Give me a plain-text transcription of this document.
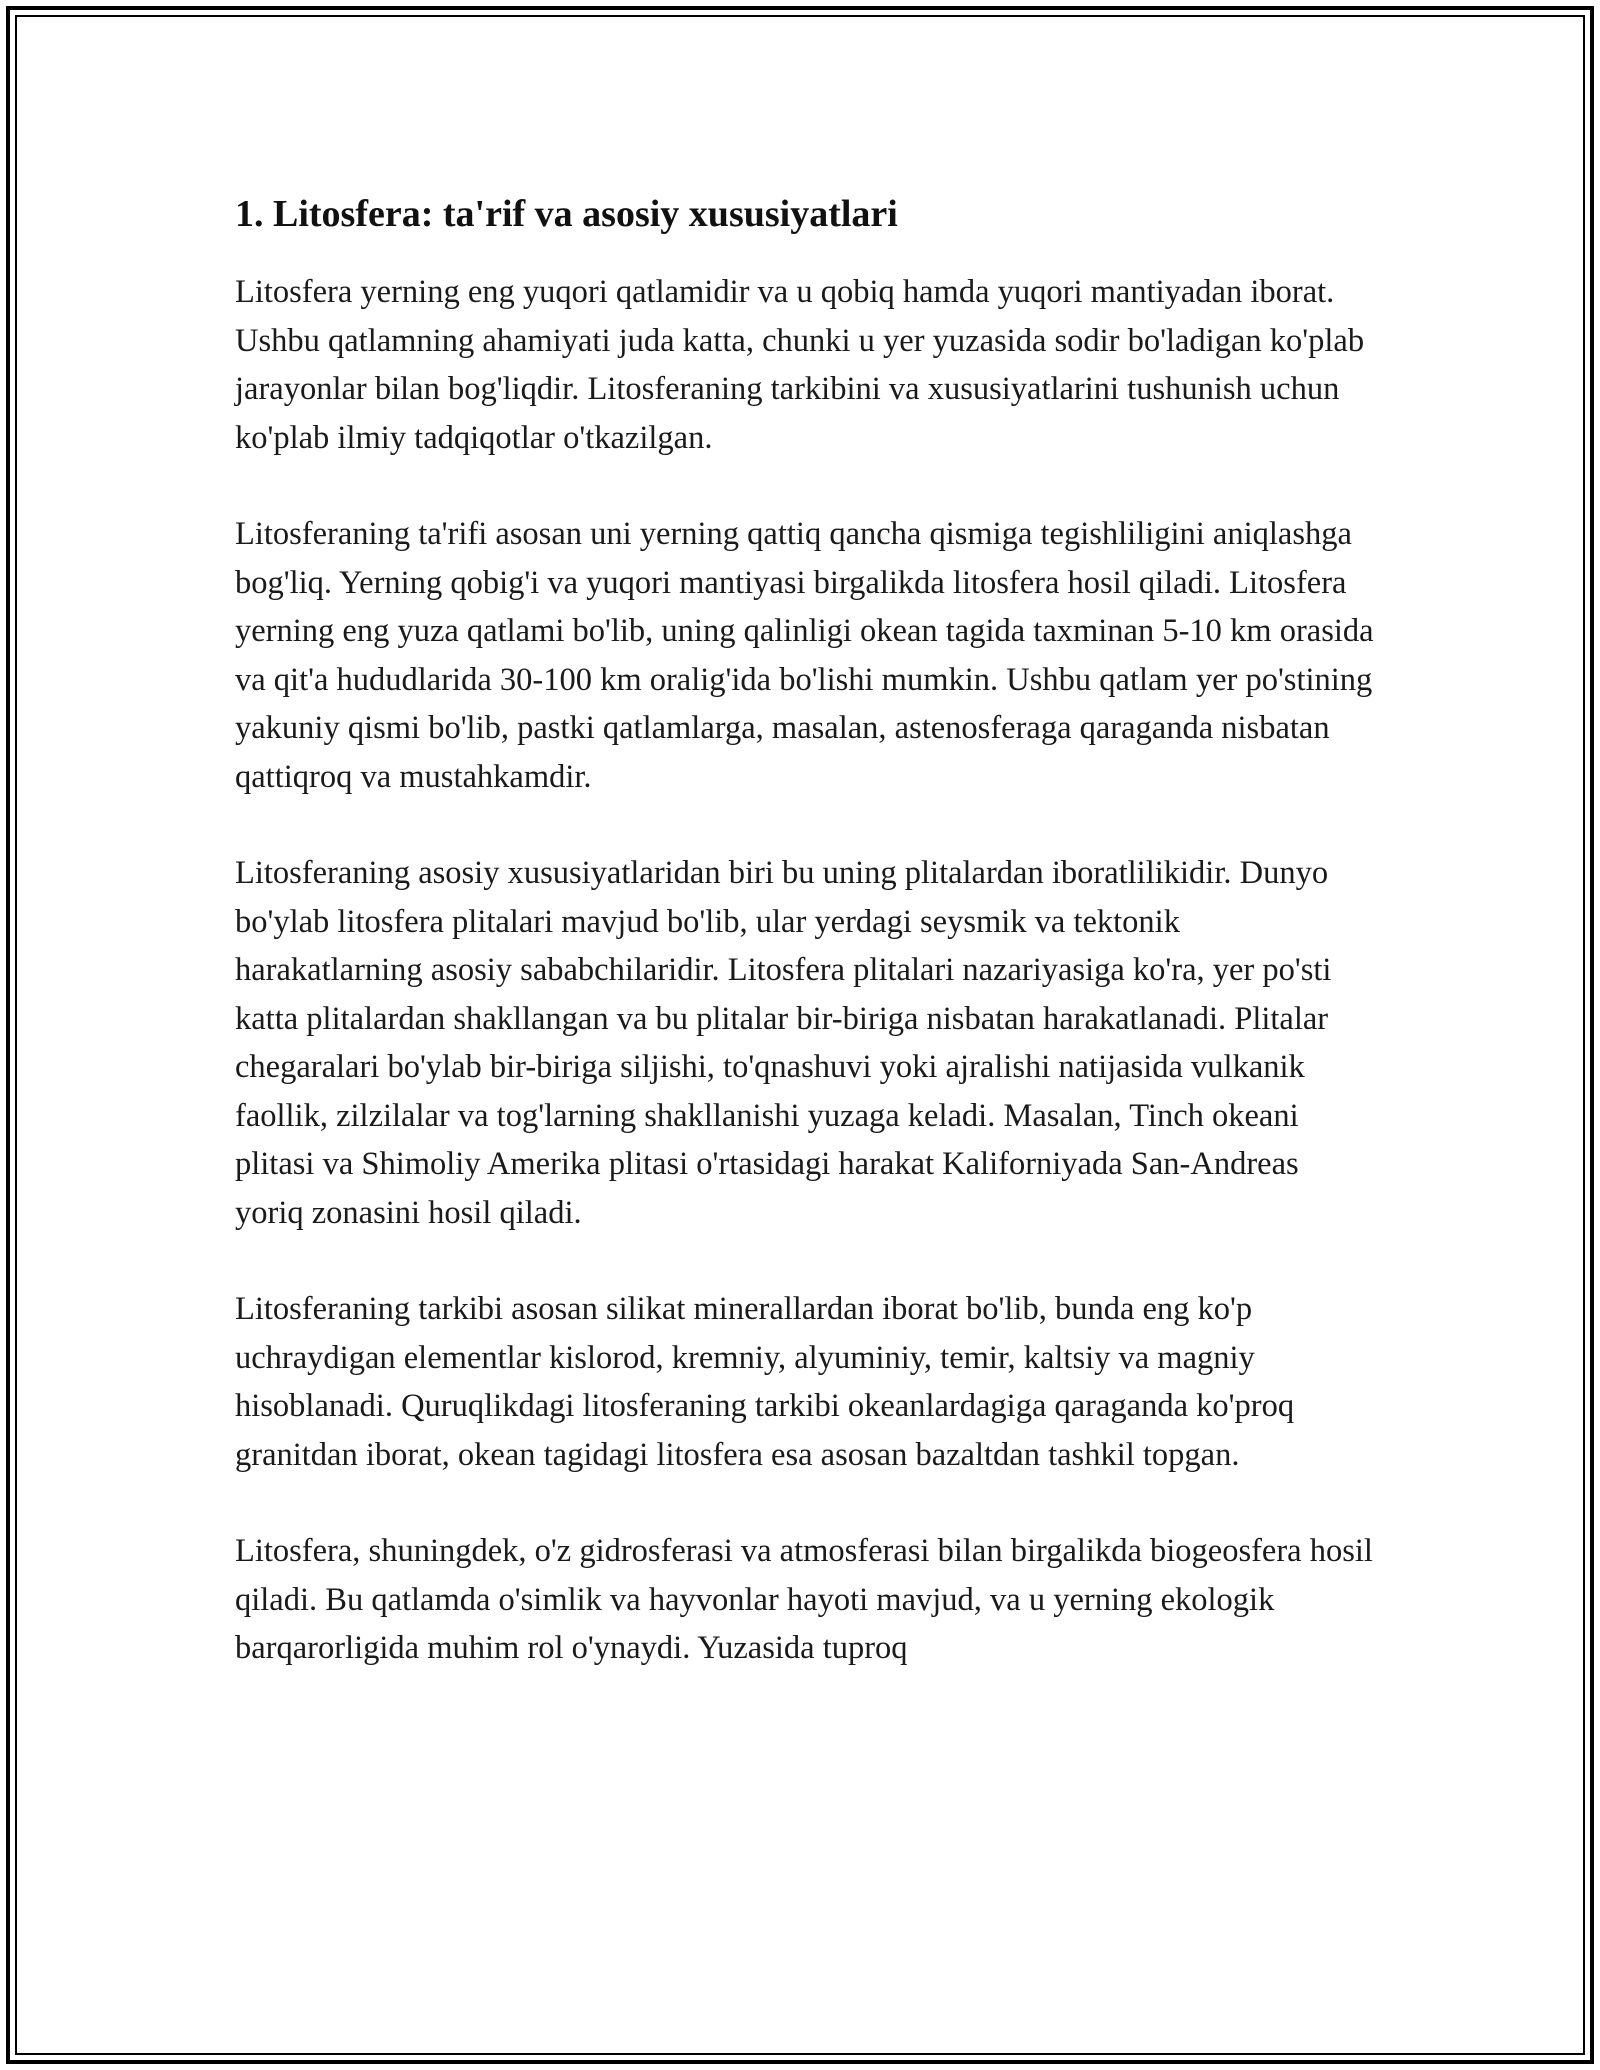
1. Litosfera: ta'rif va asosiy xususiyatlari

Litosfera yerning eng yuqori qatlamidir va u qobiq hamda yuqori mantiyadan iborat. Ushbu qatlamning ahamiyati juda katta, chunki u yer yuzasida sodir bo'ladigan ko'plab jarayonlar bilan bog'liqdir. Litosferaning tarkibini va xususiyatlarini tushunish uchun ko'plab ilmiy tadqiqotlar o'tkazilgan.

Litosferaning ta'rifi asosan uni yerning qattiq qancha qismiga tegishliligini aniqlashga bog'liq. Yerning qobig'i va yuqori mantiyasi birgalikda litosfera hosil qiladi. Litosfera yerning eng yuza qatlami bo'lib, uning qalinligi okean tagida taxminan 5-10 km orasida va qit'a hududlarida 30-100 km oralig'ida bo'lishi mumkin. Ushbu qatlam yer po'stining yakuniy qismi bo'lib, pastki qatlamlarga, masalan, astenosferaga qaraganda nisbatan qattiqroq va mustahkamdir.

Litosferaning asosiy xususiyatlaridan biri bu uning plitalardan iboratlilikidir. Dunyo bo'ylab litosfera plitalari mavjud bo'lib, ular yerdagi seysmik va tektonik harakatlarning asosiy sababchilaridir. Litosfera plitalari nazariyasiga ko'ra, yer po'sti katta plitalardan shakllangan va bu plitalar bir-biriga nisbatan harakatlanadi. Plitalar chegaralari bo'ylab bir-biriga siljishi, to'qnashuvi yoki ajralishi natijasida vulkanik faollik, zilzilalar va tog'larning shakllanishi yuzaga keladi. Masalan, Tinch okeani plitasi va Shimoliy Amerika plitasi o'rtasidagi harakat Kaliforniyada San-Andreas yoriq zonasini hosil qiladi.

Litosferaning tarkibi asosan silikat minerallardan iborat bo'lib, bunda eng ko'p uchraydigan elementlar kislorod, kremniy, alyuminiy, temir, kaltsiy va magniy hisoblanadi. Quruqlikdagi litosferaning tarkibi okeanlardagiga qaraganda ko'proq granitdan iborat, okean tagidagi litosfera esa asosan bazaltdan tashkil topgan.

Litosfera, shuningdek, o'z gidrosferasi va atmosferasi bilan birgalikda biogeosfera hosil qiladi. Bu qatlamda o'simlik va hayvonlar hayoti mavjud, va u yerning ekologik barqarorligida muhim rol o'ynaydi. Yuzasida tuproq
